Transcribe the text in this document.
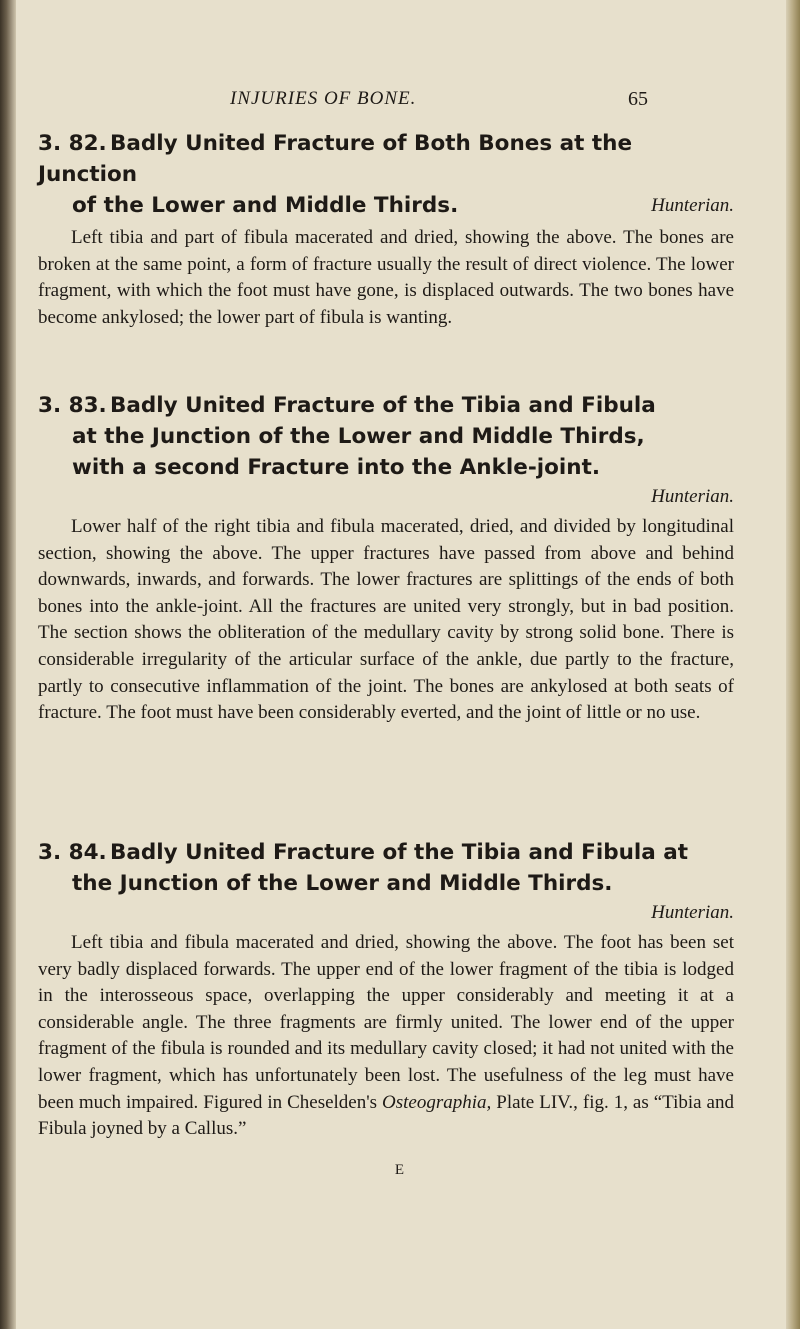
INJURIES OF BONE.	65
3. 82. Badly United Fracture of Both Bones at the Junction
of the Lower and Middle Thirds.	Hunterian.

Left tibia and part of fibula macerated and dried, showing the above. The bones are broken at the same point, a form of fracture usually the result of direct violence. The lower fragment, with which the foot must have gone, is displaced outwards. The two bones have become ankylosed; the lower part of fibula is wanting.

3. 83. Badly United Fracture of the Tibia and Fibula
at the Junction of the Lower and Middle Thirds,
with a second Fracture into the Ankle-joint.
Hunterian.

Lower half of the right tibia and fibula macerated, dried, and divided by longitudinal section, showing the above. The upper fractures have passed from above and behind downwards, inwards, and forwards. The lower fractures are splittings of the ends of both bones into the ankle-joint. All the fractures are united very strongly, but in bad position. The section shows the obliteration of the medullary cavity by strong solid bone. There is considerable irregularity of the articular surface of the ankle, due partly to the fracture, partly to consecutive inflammation of the joint. The bones are ankylosed at both seats of fracture. The foot must have been considerably everted, and the joint of little or no use.

3. 84. Badly United Fracture of the Tibia and Fibula at
the Junction of the Lower and Middle Thirds.
Hunterian.

Left tibia and fibula macerated and dried, showing the above. The foot has been set very badly displaced forwards. The upper end of the lower fragment of the tibia is lodged in the interosseous space, overlapping the upper considerably and meeting it at a considerable angle. The three fragments are firmly united. The lower end of the upper fragment of the fibula is rounded and its medullary cavity closed; it had not united with the lower fragment, which has unfortunately been lost. The usefulness of the leg must have been much impaired. Figured in Cheselden's Osteographia, Plate LIV., fig. 1, as “Tibia and Fibula joyned by a Callus.”

E
